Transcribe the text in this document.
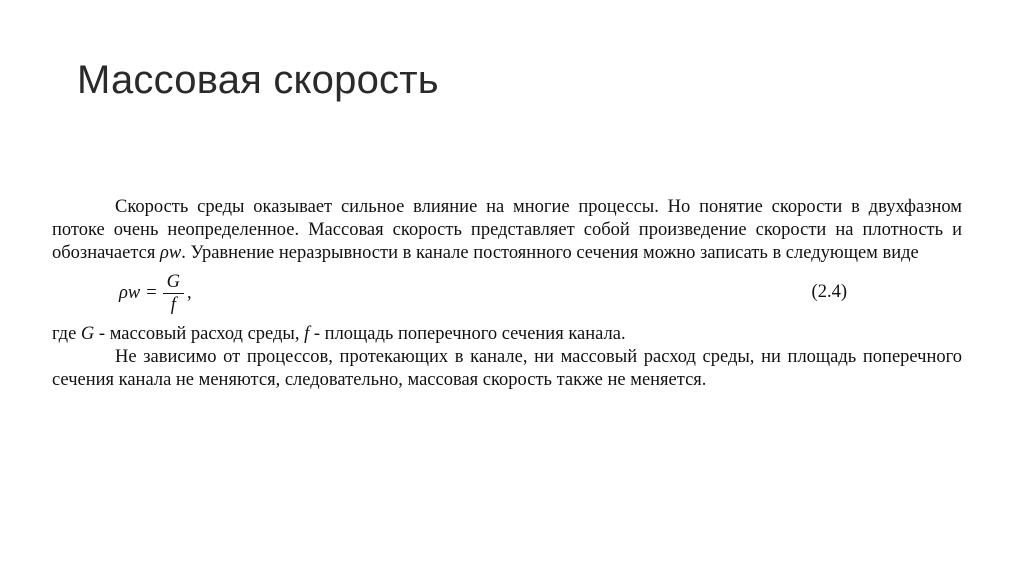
Массовая скорость

Скорость среды оказывает сильное влияние на многие процессы. Но понятие скорости в двухфазном потоке очень неопределенное. Массовая скорость представляет собой произведение скорости на плотность и обозначается ρw. Уравнение неразрывности в канале постоянного сечения можно записать в следующем виде

$\rho w = \frac{G}{f}$ ,	(2.4)

где G - массовый расход среды, f - площадь поперечного сечения канала.

Не зависимо от процессов, протекающих в канале, ни массовый расход среды, ни площадь поперечного сечения канала не меняются, следовательно, массовая скорость также не меняется.
